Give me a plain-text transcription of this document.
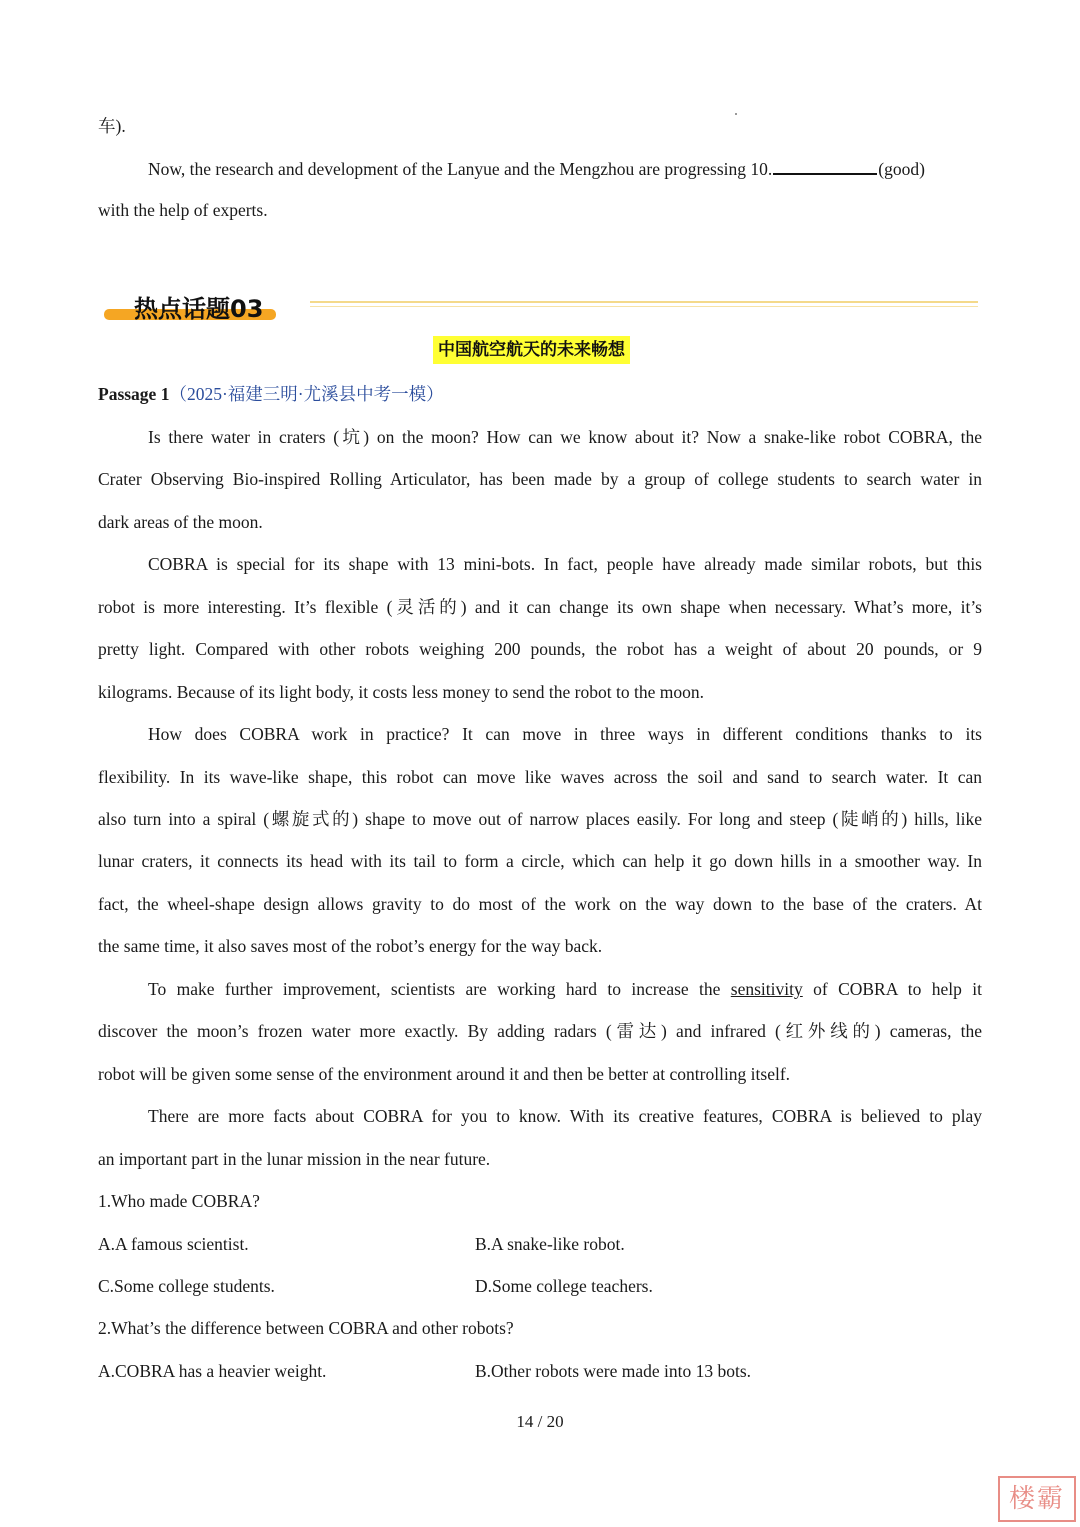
车).
Now, the research and development of the Lanyue and the Mengzhou are progressing 10.	(good)
with the help of experts.
热点话题03
中国航空航天的未来畅想
Passage 1（2025·福建三明·尤溪县中考一模）
Is there water in craters (坑) on the moon? How can we know about it? Now a snake-like robot COBRA, the
Crater Observing Bio-inspired Rolling Articulator, has been made by a group of college students to search water in
dark areas of the moon.
COBRA is special for its shape with 13 mini-bots. In fact, people have already made similar robots, but this
robot is more interesting. It’s flexible (灵活的) and it can change its own shape when necessary. What’s more, it’s
pretty light. Compared with other robots weighing 200 pounds, the robot has a weight of about 20 pounds, or 9
kilograms. Because of its light body, it costs less money to send the robot to the moon.
How does COBRA work in practice? It can move in three ways in different conditions thanks to its
flexibility. In its wave-like shape, this robot can move like waves across the soil and sand to search water. It can
also turn into a spiral (螺旋式的) shape to move out of narrow places easily. For long and steep (陡峭的) hills, like
lunar craters, it connects its head with its tail to form a circle, which can help it go down hills in a smoother way. In
fact, the wheel-shape design allows gravity to do most of the work on the way down to the base of the craters. At
the same time, it also saves most of the robot’s energy for the way back.
To make further improvement, scientists are working hard to increase the sensitivity of COBRA to help it
discover the moon’s frozen water more exactly. By adding radars (雷达) and infrared (红外线的) cameras, the
robot will be given some sense of the environment around it and then be better at controlling itself.
There are more facts about COBRA for you to know. With its creative features, COBRA is believed to play
an important part in the lunar mission in the near future.
1.Who made COBRA?
A.A famous scientist.	B.A snake-like robot.
C.Some college students.	D.Some college teachers.
2.What’s the difference between COBRA and other robots?
A.COBRA has a heavier weight.	B.Other robots were made into 13 bots.
14 / 20
楼霸
